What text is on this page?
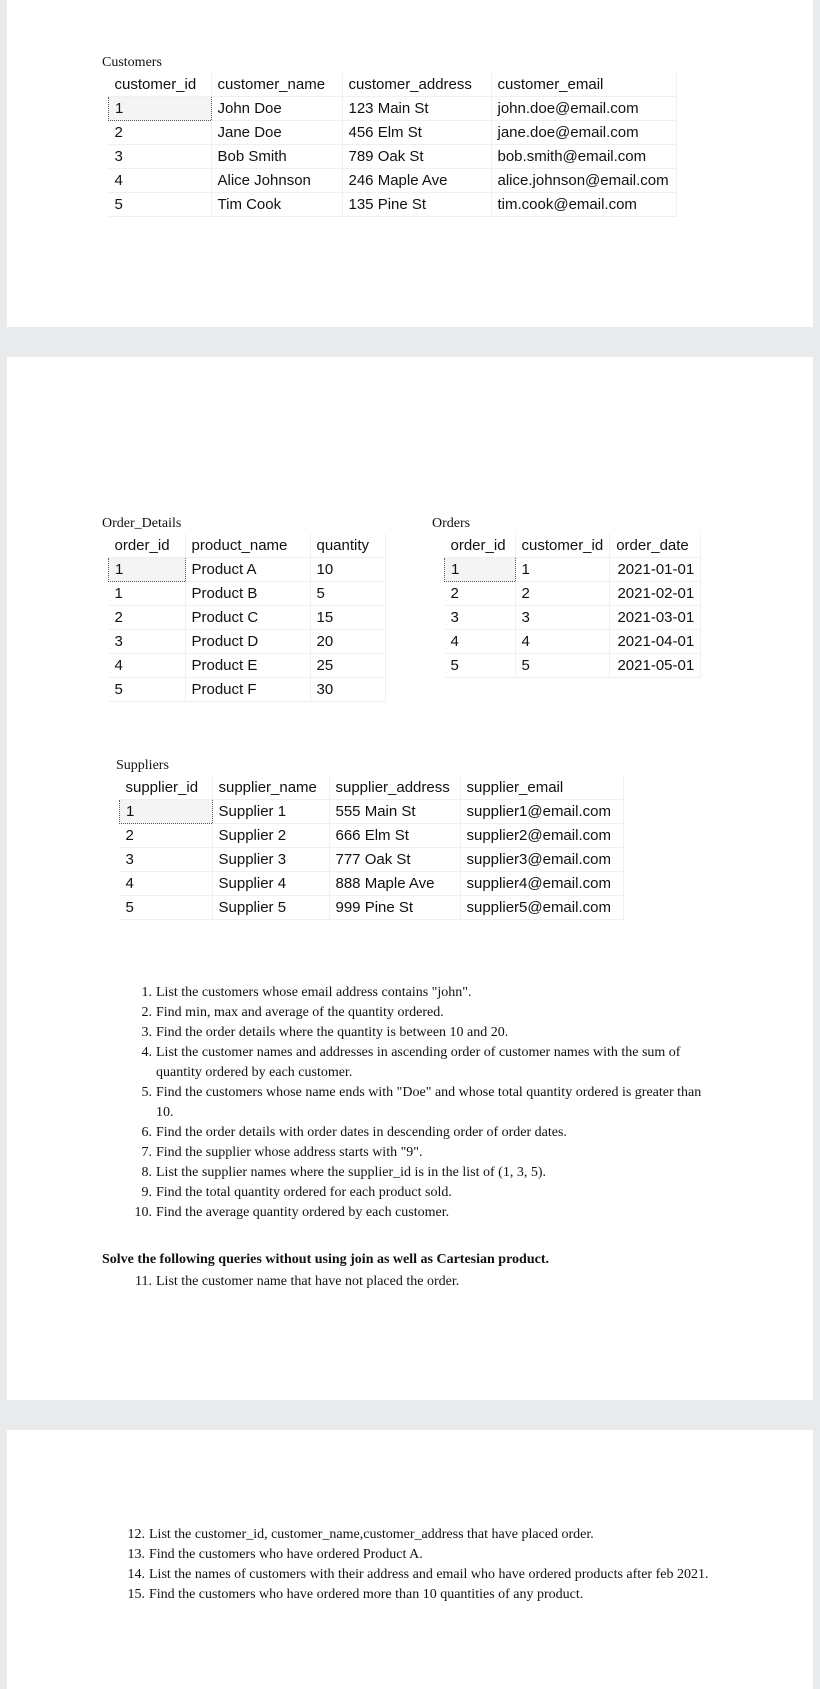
Customers
customer_id	customer_name	customer_address	customer_email
1	John Doe	123 Main St	john.doe@email.com
2	Jane Doe	456 Elm St	jane.doe@email.com
3	Bob Smith	789 Oak St	bob.smith@email.com
4	Alice Johnson	246 Maple Ave	alice.johnson@email.com
5	Tim Cook	135 Pine St	tim.cook@email.com
Order_Details
order_id	product_name	quantity
1	Product A	10
1	Product B	5
2	Product C	15
3	Product D	20
4	Product E	25
5	Product F	30
Orders
order_id	customer_id	order_date
1	1	2021-01-01
2	2	2021-02-01
3	3	2021-03-01
4	4	2021-04-01
5	5	2021-05-01
Suppliers
supplier_id	supplier_name	supplier_address	supplier_email
1	Supplier 1	555 Main St	supplier1@email.com
2	Supplier 2	666 Elm St	supplier2@email.com
3	Supplier 3	777 Oak St	supplier3@email.com
4	Supplier 4	888 Maple Ave	supplier4@email.com
5	Supplier 5	999 Pine St	supplier5@email.com
1. List the customers whose email address contains "john".
2. Find min, max and average of the quantity ordered.
3. Find the order details where the quantity is between 10 and 20.
4. List the customer names and addresses in ascending order of customer names with the sum of quantity ordered by each customer.
5. Find the customers whose name ends with "Doe" and whose total quantity ordered is greater than 10.
6. Find the order details with order dates in descending order of order dates.
7. Find the supplier whose address starts with "9".
8. List the supplier names where the supplier_id is in the list of (1, 3, 5).
9. Find the total quantity ordered for each product sold.
10. Find the average quantity ordered by each customer.
Solve the following queries without using join as well as Cartesian product.
11. List the customer name that have not placed the order.
12. List the customer_id, customer_name,customer_address that have placed order.
13. Find the customers who have ordered Product A.
14. List the names of customers with their address and email who have ordered products after feb 2021.
15. Find the customers who have ordered more than 10 quantities of any product.
